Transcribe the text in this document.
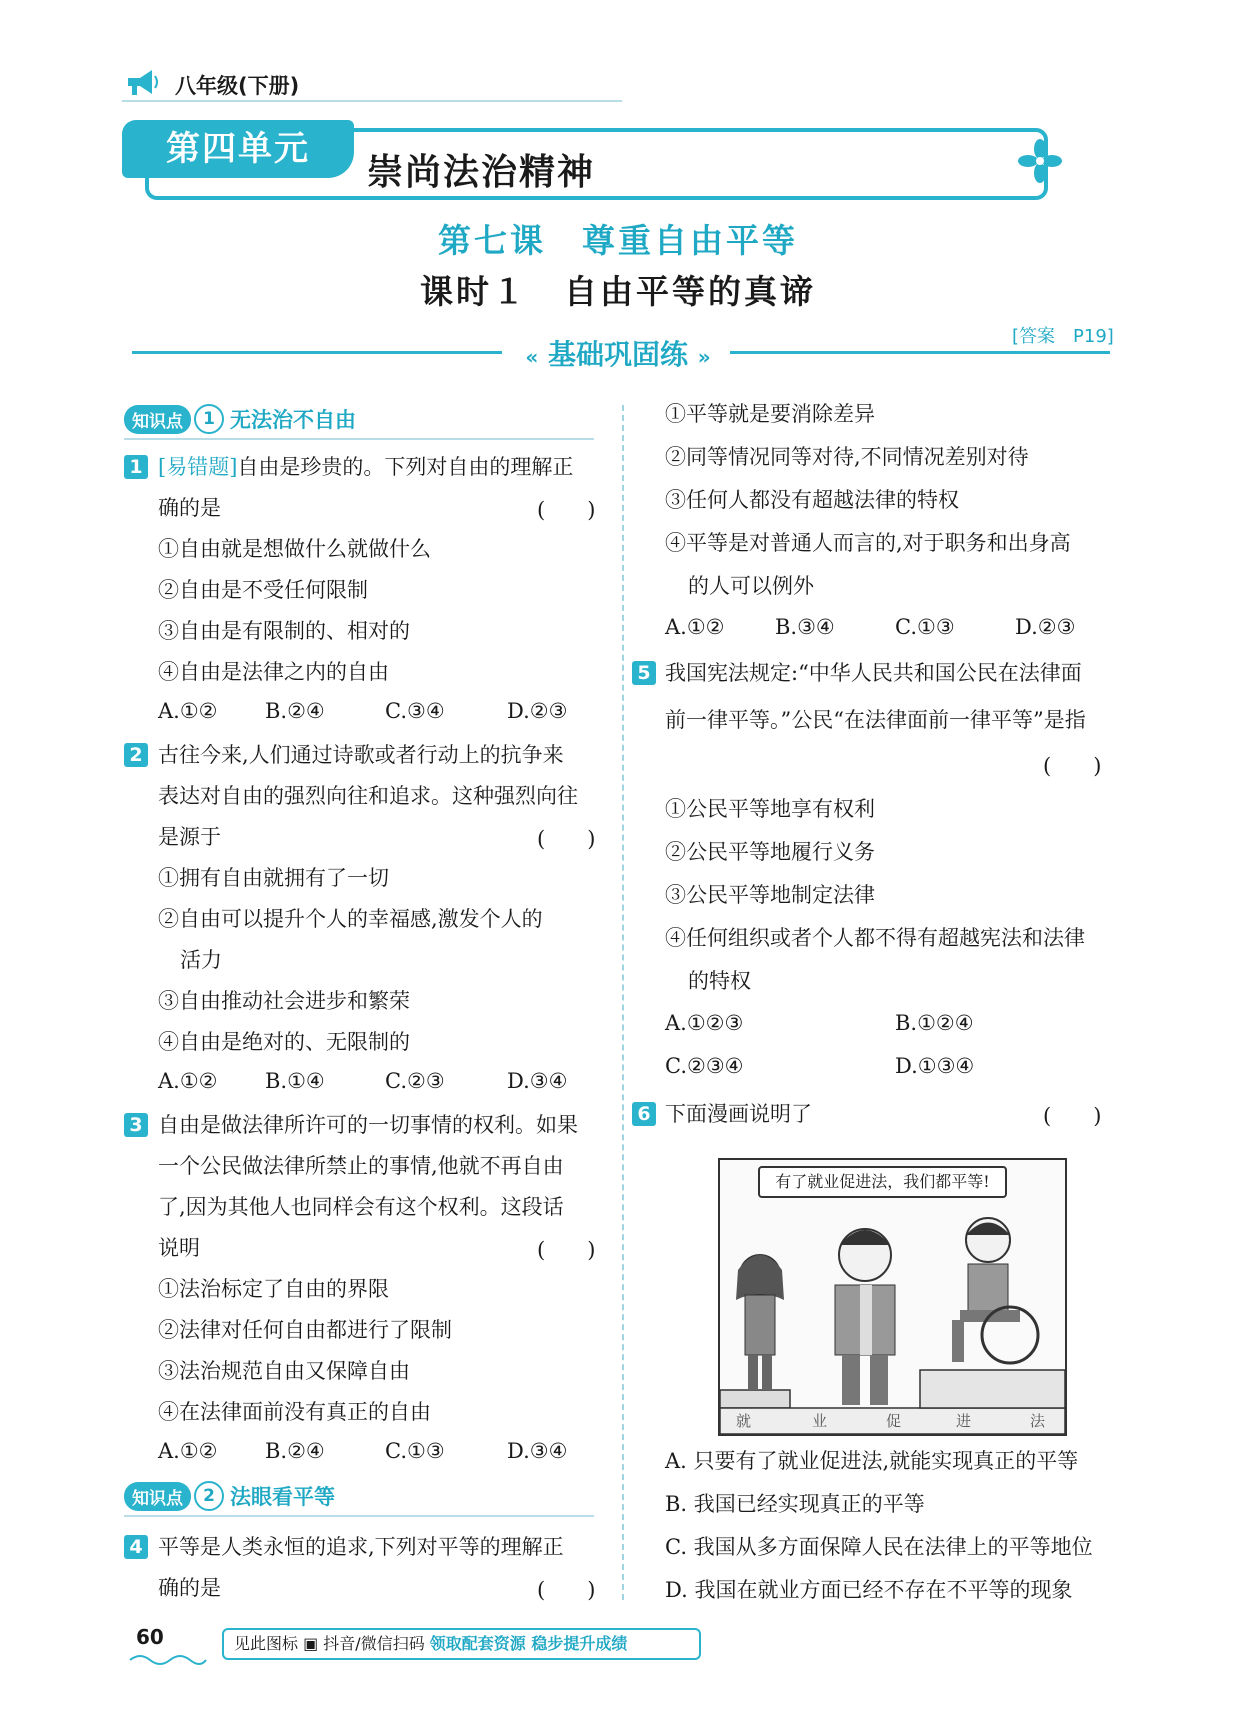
八年级(下册)
第四单元
崇尚法治精神
第七课　尊重自由平等
课时１　自由平等的真谛
[答案　P19]
« 基础巩固练 »
知识点 1 无法治不自由
1 [易错题]自由是珍贵的。下列对自由的理解正
确的是	(　　)
①自由就是想做什么就做什么
②自由是不受任何限制
③自由是有限制的、相对的
④自由是法律之内的自由
A.①② B.②④	C.③④	D.②③
2 古往今来,人们通过诗歌或者行动上的抗争来
表达对自由的强烈向往和追求。这种强烈向往
是源于	(　　)
①拥有自由就拥有了一切
②自由可以提升个人的幸福感,激发个人的
活力
③自由推动社会进步和繁荣
④自由是绝对的、无限制的
A.①② B.①④	C.②③	D.③④
3 自由是做法律所许可的一切事情的权利。如果
一个公民做法律所禁止的事情,他就不再自由
了,因为其他人也同样会有这个权利。这段话
说明	(　　)
①法治标定了自由的界限
②法律对任何自由都进行了限制
③法治规范自由又保障自由
④在法律面前没有真正的自由
A.①② B.②④	C.①③	D.③④
知识点 2 法眼看平等
4 平等是人类永恒的追求,下列对平等的理解正
确的是	(　　)
①平等就是要消除差异
②同等情况同等对待,不同情况差别对待
③任何人都没有超越法律的特权
④平等是对普通人而言的,对于职务和出身高
的人可以例外
A.①② B.③④	C.①③	D.②③
5 我国宪法规定:“中华人民共和国公民在法律面
前一律平等。”公民“在法律面前一律平等”是指
(　　)
①公民平等地享有权利
②公民平等地履行义务
③公民平等地制定法律
④任何组织或者个人都不得有超越宪法和法律
的特权
A.①②③	B.①②④
C.②③④	D.①③④
6 下面漫画说明了	(　　)
有了就业促进法，我们都平等!
就	业	促	进	法
A. 只要有了就业促进法,就能实现真正的平等
B. 我国已经实现真正的平等
C. 我国从多方面保障人民在法律上的平等地位
D. 我国在就业方面已经不存在不平等的现象
60	见此图标 ▣ 抖音/微信扫码 领取配套资源 稳步提升成绩
